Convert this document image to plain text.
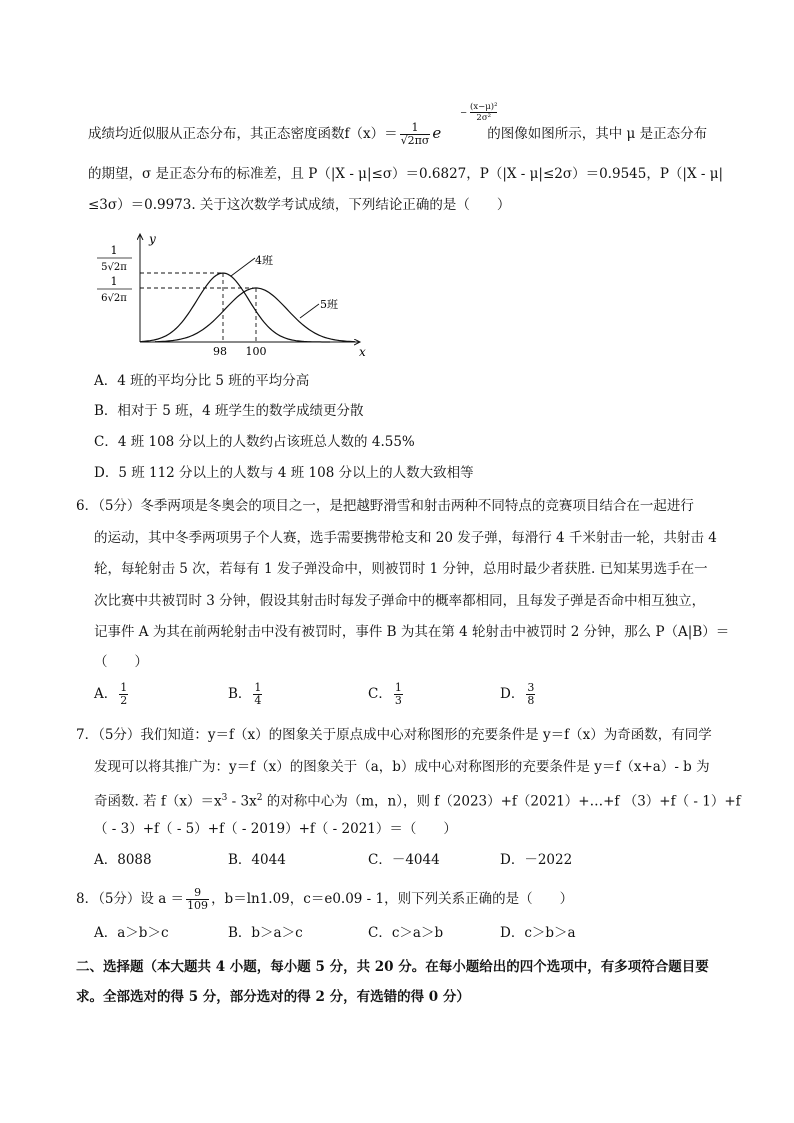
成绩均近似服从正态分布，其正态密度函数$f(x)= \frac{1}{√2\pi\sigma}$ e	的图像如图所示，其中 μ 是正态分布
−
(x−μ)²
2σ²
的期望，σ 是正态分布的标准差，且 P（|X - μ|≤σ）＝0.6827，P（|X - μ|≤2σ）＝0.9545，P（|X - μ|
≤3σ）＝0.9973. 关于这次数学考试成绩，下列结论正确的是（　　）
y
x
1
5√2π
1
6√2π
4班
5班
98 100
A．4 班的平均分比 5 班的平均分高
B．相对于 5 班，4 班学生的数学成绩更分散
C．4 班 108 分以上的人数约占该班总人数的 4.55%
D．5 班 112 分以上的人数与 4 班 108 分以上的人数大致相等
6．（5分）冬季两项是冬奥会的项目之一，是把越野滑雪和射击两种不同特点的竞赛项目结合在一起进行
的运动，其中冬季两项男子个人赛，选手需要携带枪支和 20 发子弹，每滑行 4 千米射击一轮，共射击 4
轮，每轮射击 5 次，若每有 1 发子弹没命中，则被罚时 1 分钟，总用时最少者获胜. 已知某男选手在一
次比赛中共被罚时 3 分钟，假设其射击时每发子弹命中的概率都相同，且每发子弹是否命中相互独立，
记事件 A 为其在前两轮射击中没有被罚时，事件 B 为其在第 4 轮射击中被罚时 2 分钟，那么 P（A|B）＝
（　　）
A． $\frac{1}{2}$	B． $\frac{1}{4}$	C． $\frac{1}{3}$	D． $\frac{3}{8}$
7．（5分）我们知道：y＝f（x）的图象关于原点成中心对称图形的充要条件是 y＝f（x）为奇函数，有同学
发现可以将其推广为：y＝f（x）的图象关于（a，b）成中心对称图形的充要条件是 y＝f（x+a）- b 为
奇函数. 若 $f(x)=x^3 - 3x^2$ 的对称中心为（m，n），则 f（2023）+f（2021）+…+f （3）+f（ - 1）+f
（ - 3）+f（ - 5）+f（ - 2019）+f（ - 2021）＝（　　）
A．8088	B．4044	C．－4044	D．－2022
8．（5分）设 $a = \frac{9}{109}$ ，b＝ln1.09，c＝e0.09 - 1，则下列关系正确的是（　　）
A．a＞b＞c	B．b＞a＞c	C．c＞a＞b	D．c＞b＞a
二、选择题（本大题共 4 小题，每小题 5 分，共 20 分。在每小题给出的四个选项中，有多项符合题目要
求。全部选对的得 5 分，部分选对的得 2 分，有选错的得 0 分）
